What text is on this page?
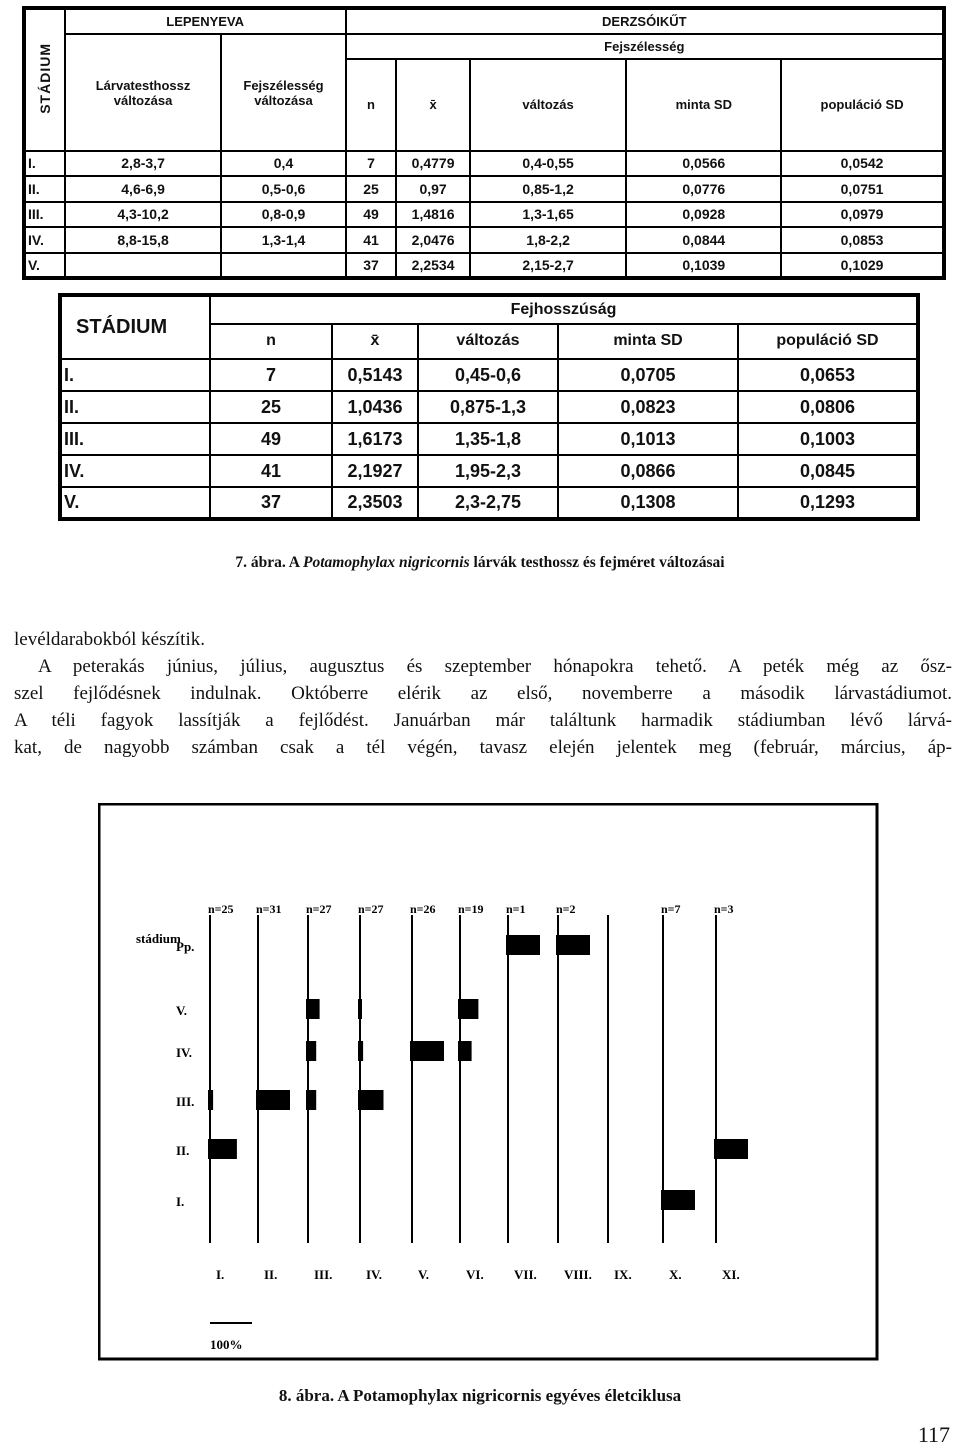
STÁDIUM	LEPENYEVA		DERZSÓIKŰT				
	Lárvatesthossz változása	Fejszélesség változása	Fejszélesség				
			n	x̄	változás	minta SD	populáció SD
I.	2,8-3,7	0,4	7	0,4779	0,4-0,55	0,0566	0,0542
II.	4,6-6,9	0,5-0,6	25	0,97	0,85-1,2	0,0776	0,0751
III.	4,3-10,2	0,8-0,9	49	1,4816	1,3-1,65	0,0928	0,0979
IV.	8,8-15,8	1,3-1,4	41	2,0476	1,8-2,2	0,0844	0,0853
V.			37	2,2534	2,15-2,7	0,1039	0,1029
STÁDIUM	Fejhosszúság				
	n	x̄	változás	minta SD	populáció SD
I.	7	0,5143	0,45-0,6	0,0705	0,0653
II.	25	1,0436	0,875-1,3	0,0823	0,0806
III.	49	1,6173	1,35-1,8	0,1013	0,1003
IV.	41	2,1927	1,95-2,3	0,0866	0,0845
V.	37	2,3503	2,3-2,75	0,1308	0,1293
7. ábra. A Potamophylax nigricornis lárvák testhossz és fejméret változásai

levéldarabokból készítik.

A peterakás június, július, augusztus és szeptember hónapokra tehető. A peték még az ősz-

szel fejlődésnek indulnak. Októberre elérik az első, novemberre a második lárvastádiumot.

A téli fagyok lassítják a fejlődést. Januárban már találtunk harmadik stádiumban lévő lárvá-

kat, de nagyobb számban csak a tél végén, tavasz elején jelentek meg (február, március, áp-

stádium
I.
II.
III.
IV.
V.
Pp.
I.
n=25
II.
n=31
III.
n=27
IV.
n=27
V.
n=26
VI.
n=19
VII.
n=1
VIII.
n=2
IX.	X.
n=7
XI.
n=3
100%
8. ábra. A Potamophylax nigricornis egyéves életciklusa
117
